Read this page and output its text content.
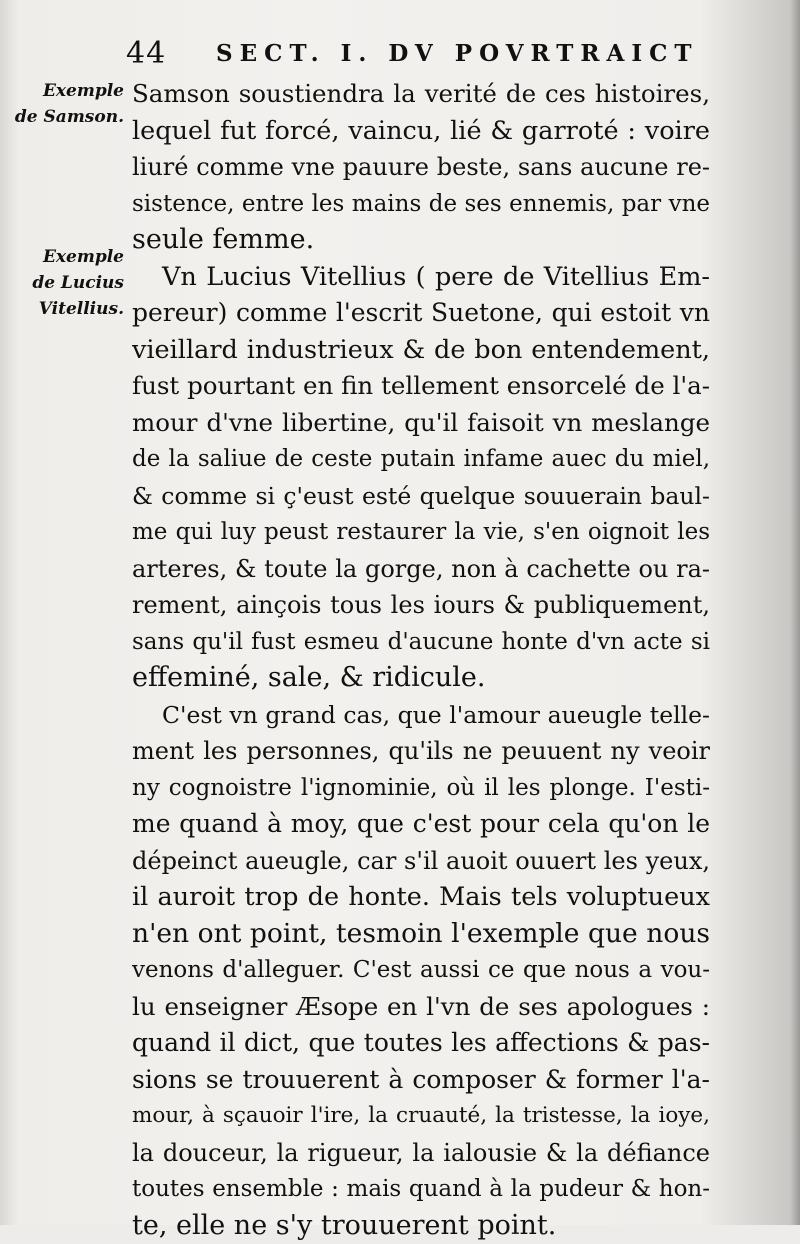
44 SECT. I. DV POVRTRAICT
Exemple
de Samson.
Exemple
de Lucius
Vitellius.
Samson soustiendra la verité de ces histoires,
lequel fut forcé, vaincu, lié & garroté : voire
liuré comme vne pauure beste, sans aucune re-
sistence, entre les mains de ses ennemis, par vne
seule femme.
Vn Lucius Vitellius ( pere de Vitellius Em-
pereur) comme l'escrit Suetone, qui estoit vn
vieillard industrieux & de bon entendement,
fust pourtant en fin tellement ensorcelé de l'a-
mour d'vne libertine, qu'il faisoit vn meslange
de la saliue de ceste putain infame auec du miel,
& comme si ç'eust esté quelque souuerain baul-
me qui luy peust restaurer la vie, s'en oignoit les
arteres, & toute la gorge, non à cachette ou ra-
rement, ainçois tous les iours & publiquement,
sans qu'il fust esmeu d'aucune honte d'vn acte si
effeminé, sale, & ridicule.
C'est vn grand cas, que l'amour aueugle telle-
ment les personnes, qu'ils ne peuuent ny veoir
ny cognoistre l'ignominie, où il les plonge. I'esti-
me quand à moy, que c'est pour cela qu'on le
dépeinct aueugle, car s'il auoit ouuert les yeux,
il auroit trop de honte. Mais tels voluptueux
n'en ont point, tesmoin l'exemple que nous
venons d'alleguer. C'est aussi ce que nous a vou-
lu enseigner Æsope en l'vn de ses apologues :
quand il dict, que toutes les affections & pas-
sions se trouuerent à composer & former l'a-
mour, à sçauoir l'ire, la cruauté, la tristesse, la ioye,
la douceur, la rigueur, la ialousie & la défiance
toutes ensemble : mais quand à la pudeur & hon-
te, elle ne s'y trouuerent point.
